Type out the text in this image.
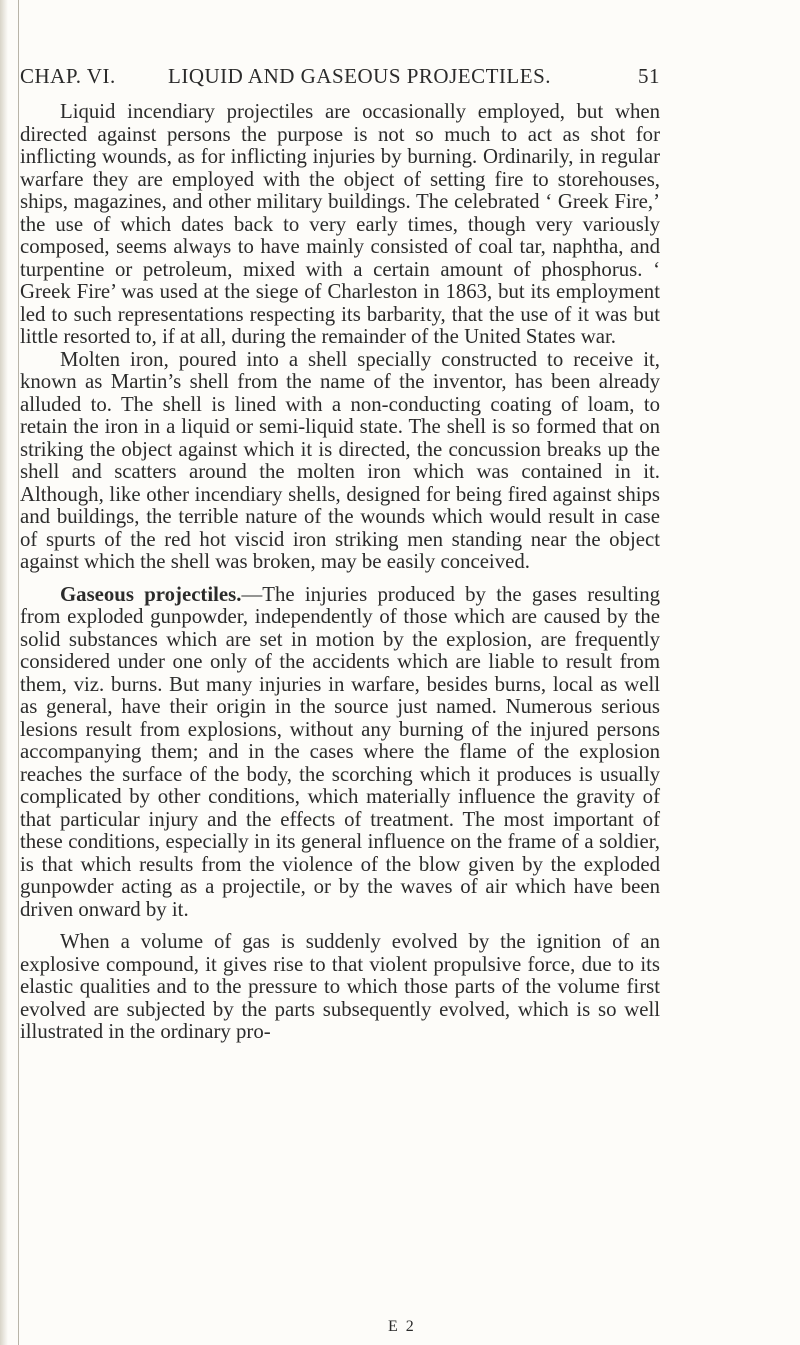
CHAP. VI. LIQUID AND GASEOUS PROJECTILES.	51

Liquid incendiary projectiles are occasionally employed, but when directed against persons the purpose is not so much to act as shot for inflicting wounds, as for inflicting injuries by burning. Ordinarily, in regular warfare they are employed with the object of setting fire to storehouses, ships, magazines, and other military buildings. The celebrated ‘ Greek Fire,’ the use of which dates back to very early times, though very variously composed, seems always to have mainly consisted of coal tar, naphtha, and turpentine or petroleum, mixed with a certain amount of phosphorus. ‘ Greek Fire’ was used at the siege of Charleston in 1863, but its employment led to such representations respecting its barbarity, that the use of it was but little resorted to, if at all, during the remainder of the United States war.

Molten iron, poured into a shell specially constructed to receive it, known as Martin’s shell from the name of the inventor, has been already alluded to. The shell is lined with a non-conducting coating of loam, to retain the iron in a liquid or semi-liquid state. The shell is so formed that on striking the object against which it is directed, the concussion breaks up the shell and scatters around the molten iron which was contained in it. Although, like other incendiary shells, designed for being fired against ships and buildings, the terrible nature of the wounds which would result in case of spurts of the red hot viscid iron striking men standing near the object against which the shell was broken, may be easily conceived.

Gaseous projectiles.—The injuries produced by the gases resulting from exploded gunpowder, independently of those which are caused by the solid substances which are set in motion by the explosion, are frequently considered under one only of the accidents which are liable to result from them, viz. burns. But many injuries in warfare, besides burns, local as well as general, have their origin in the source just named. Numerous serious lesions result from explosions, without any burning of the injured persons accompanying them; and in the cases where the flame of the explosion reaches the surface of the body, the scorching which it produces is usually complicated by other conditions, which materially influence the gravity of that particular injury and the effects of treatment. The most important of these conditions, especially in its general influence on the frame of a soldier, is that which results from the violence of the blow given by the exploded gunpowder acting as a projectile, or by the waves of air which have been driven onward by it.

When a volume of gas is suddenly evolved by the ignition of an explosive compound, it gives rise to that violent propulsive force, due to its elastic qualities and to the pressure to which those parts of the volume first evolved are subjected by the parts subsequently evolved, which is so well illustrated in the ordinary pro-

E 2
